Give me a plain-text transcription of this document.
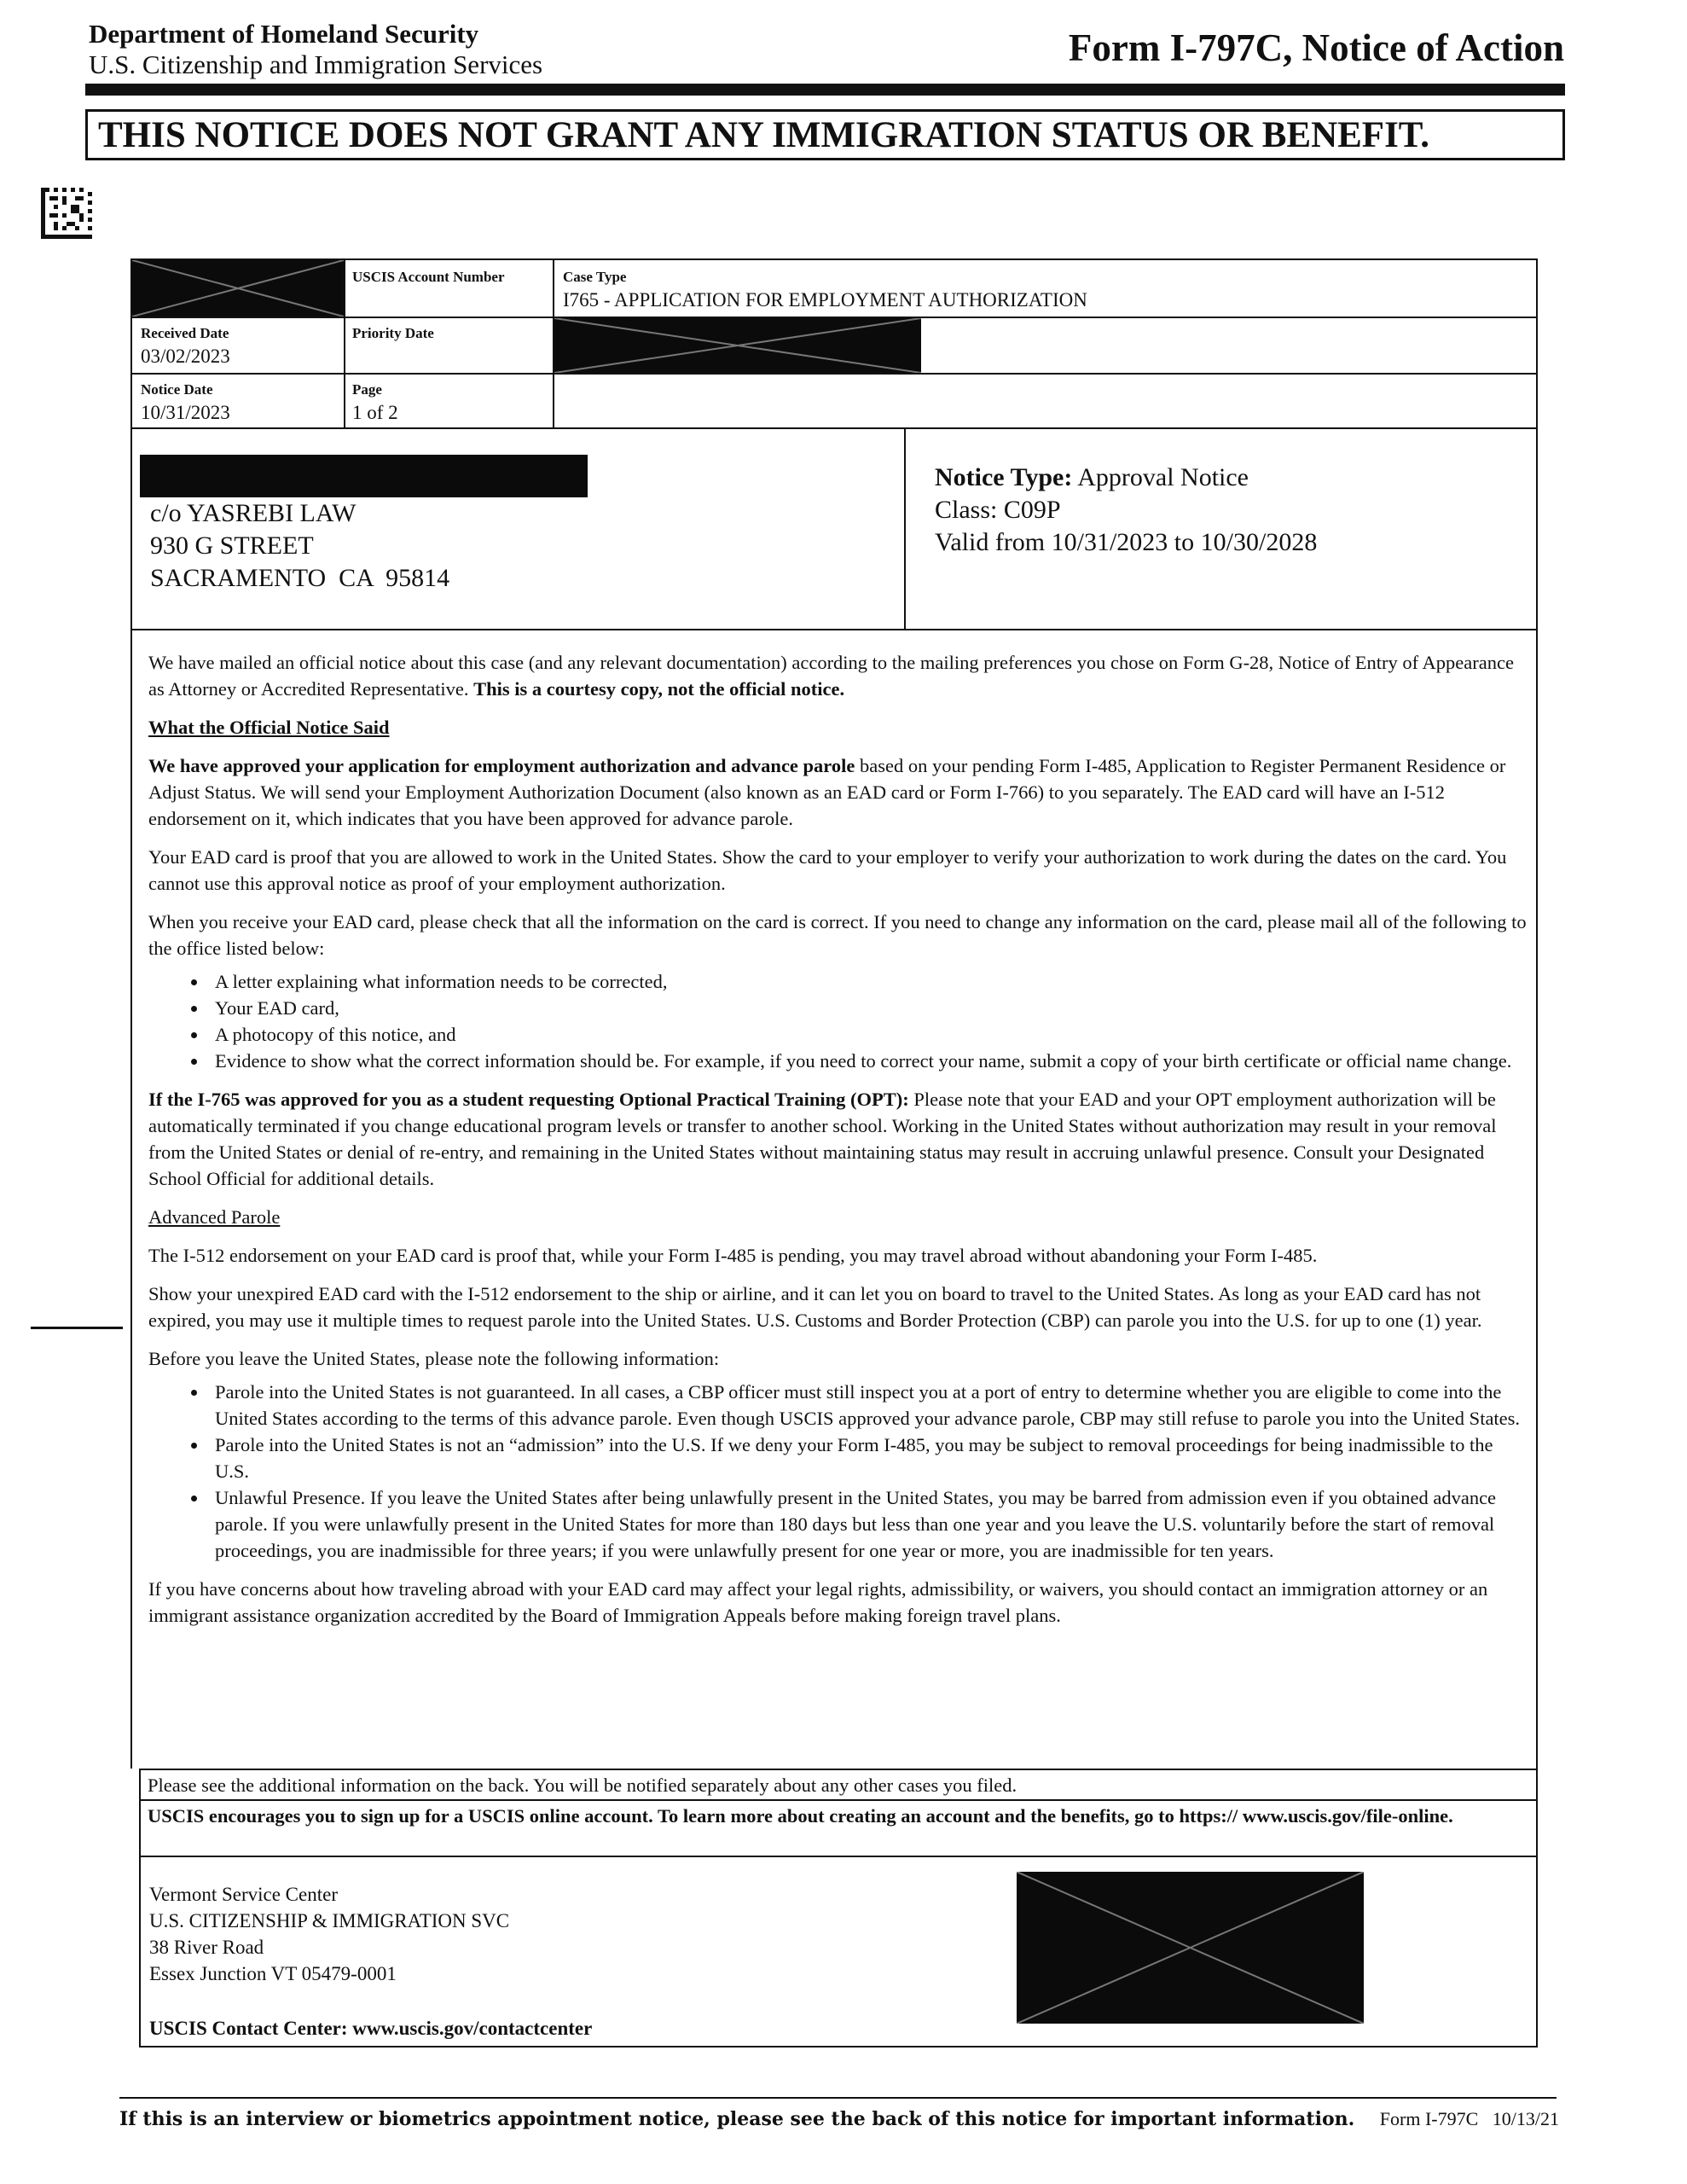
Department of Homeland Security
U.S. Citizenship and Immigration Services	Form I-797C, Notice of Action
THIS NOTICE DOES NOT GRANT ANY IMMIGRATION STATUS OR BENEFIT.
USCIS Account Number	Case Type
I765 - APPLICATION FOR EMPLOYMENT AUTHORIZATION
Received Date
03/02/2023
Priority Date
Notice Date
10/31/2023
Page
1 of 2
c/o YASREBI LAW
930 G STREET
SACRAMENTO  CA  95814
Notice Type: Approval Notice
Class: C09P
Valid from 10/31/2023 to 10/30/2028

We have mailed an official notice about this case (and any relevant documentation) according to the mailing preferences you chose on Form G-28, Notice of Entry of Appearance as Attorney or Accredited Representative. This is a courtesy copy, not the official notice.

What the Official Notice Said

We have approved your application for employment authorization and advance parole based on your pending Form I-485, Application to Register Permanent Residence or Adjust Status. We will send your Employment Authorization Document (also known as an EAD card or Form I-766) to you separately. The EAD card will have an I-512 endorsement on it, which indicates that you have been approved for advance parole.

Your EAD card is proof that you are allowed to work in the United States. Show the card to your employer to verify your authorization to work during the dates on the card. You cannot use this approval notice as proof of your employment authorization.

When you receive your EAD card, please check that all the information on the card is correct. If you need to change any information on the card, please mail all of the following to the office listed below:

• A letter explaining what information needs to be corrected,
• Your EAD card,
• A photocopy of this notice, and
• Evidence to show what the correct information should be. For example, if you need to correct your name, submit a copy of your birth certificate or official name change.

If the I-765 was approved for you as a student requesting Optional Practical Training (OPT): Please note that your EAD and your OPT employment authorization will be automatically terminated if you change educational program levels or transfer to another school. Working in the United States without authorization may result in your removal from the United States or denial of re-entry, and remaining in the United States without maintaining status may result in accruing unlawful presence. Consult your Designated School Official for additional details.

Advanced Parole

The I-512 endorsement on your EAD card is proof that, while your Form I-485 is pending, you may travel abroad without abandoning your Form I-485.

Show your unexpired EAD card with the I-512 endorsement to the ship or airline, and it can let you on board to travel to the United States. As long as your EAD card has not expired, you may use it multiple times to request parole into the United States. U.S. Customs and Border Protection (CBP) can parole you into the U.S. for up to one (1) year.

Before you leave the United States, please note the following information:

• Parole into the United States is not guaranteed. In all cases, a CBP officer must still inspect you at a port of entry to determine whether you are eligible to come into the United States according to the terms of this advance parole. Even though USCIS approved your advance parole, CBP may still refuse to parole you into the United States.
• Parole into the United States is not an “admission” into the U.S. If we deny your Form I-485, you may be subject to removal proceedings for being inadmissible to the U.S.
• Unlawful Presence. If you leave the United States after being unlawfully present in the United States, you may be barred from admission even if you obtained advance parole. If you were unlawfully present in the United States for more than 180 days but less than one year and you leave the U.S. voluntarily before the start of removal proceedings, you are inadmissible for three years; if you were unlawfully present for one year or more, you are inadmissible for ten years.

If you have concerns about how traveling abroad with your EAD card may affect your legal rights, admissibility, or waivers, you should contact an immigration attorney or an immigrant assistance organization accredited by the Board of Immigration Appeals before making foreign travel plans.

Please see the additional information on the back. You will be notified separately about any other cases you filed.
USCIS encourages you to sign up for a USCIS online account. To learn more about creating an account and the benefits, go to https:// www.uscis.gov/file-online.
Vermont Service Center
U.S. CITIZENSHIP & IMMIGRATION SVC
38 River Road
Essex Junction VT 05479-0001
USCIS Contact Center: www.uscis.gov/contactcenter
If this is an interview or biometrics appointment notice, please see the back of this notice for important information. Form I-797C   10/13/21
